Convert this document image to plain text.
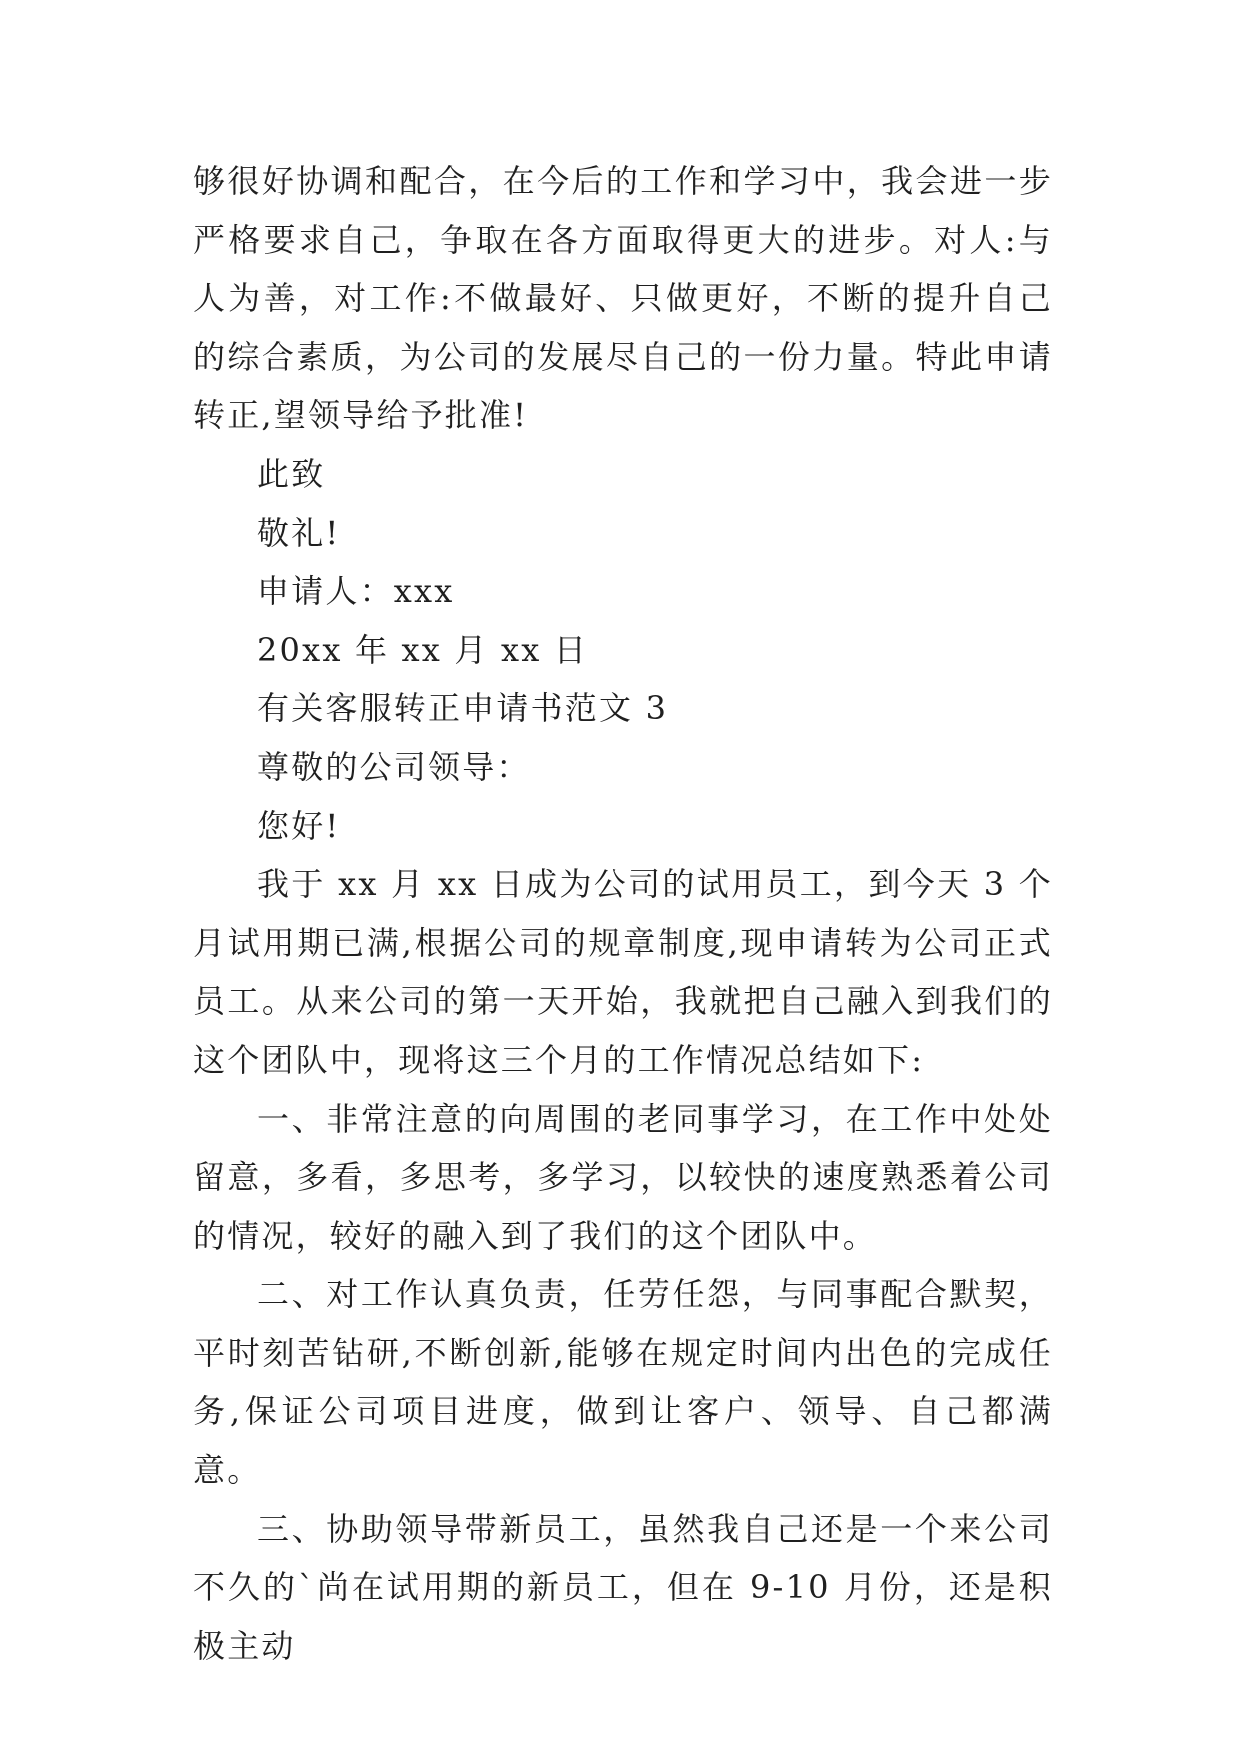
够很好协调和配合，在今后的工作和学习中，我会进一步严格要求自己，争取在各方面取得更大的进步。对人:与人为善，对工作:不做最好、只做更好，不断的提升自己的综合素质，为公司的发展尽自己的一份力量。特此申请转正,望领导给予批准!

此致

敬礼!

申请人：xxx

20xx 年 xx 月 xx 日

有关客服转正申请书范文 3

尊敬的公司领导：

您好!

我于 xx 月 xx 日成为公司的试用员工，到今天 3 个月试用期已满,根据公司的规章制度,现申请转为公司正式员工。从来公司的第一天开始，我就把自己融入到我们的这个团队中，现将这三个月的工作情况总结如下:

一、非常注意的向周围的老同事学习，在工作中处处留意，多看，多思考，多学习，以较快的速度熟悉着公司的情况，较好的融入到了我们的这个团队中。

二、对工作认真负责，任劳任怨，与同事配合默契，平时刻苦钻研,不断创新,能够在规定时间内出色的完成任务,保证公司项目进度，做到让客户、领导、自己都满意。

三、协助领导带新员工，虽然我自己还是一个来公司不久的`尚在试用期的新员工，但在 9-10 月份，还是积极主动
